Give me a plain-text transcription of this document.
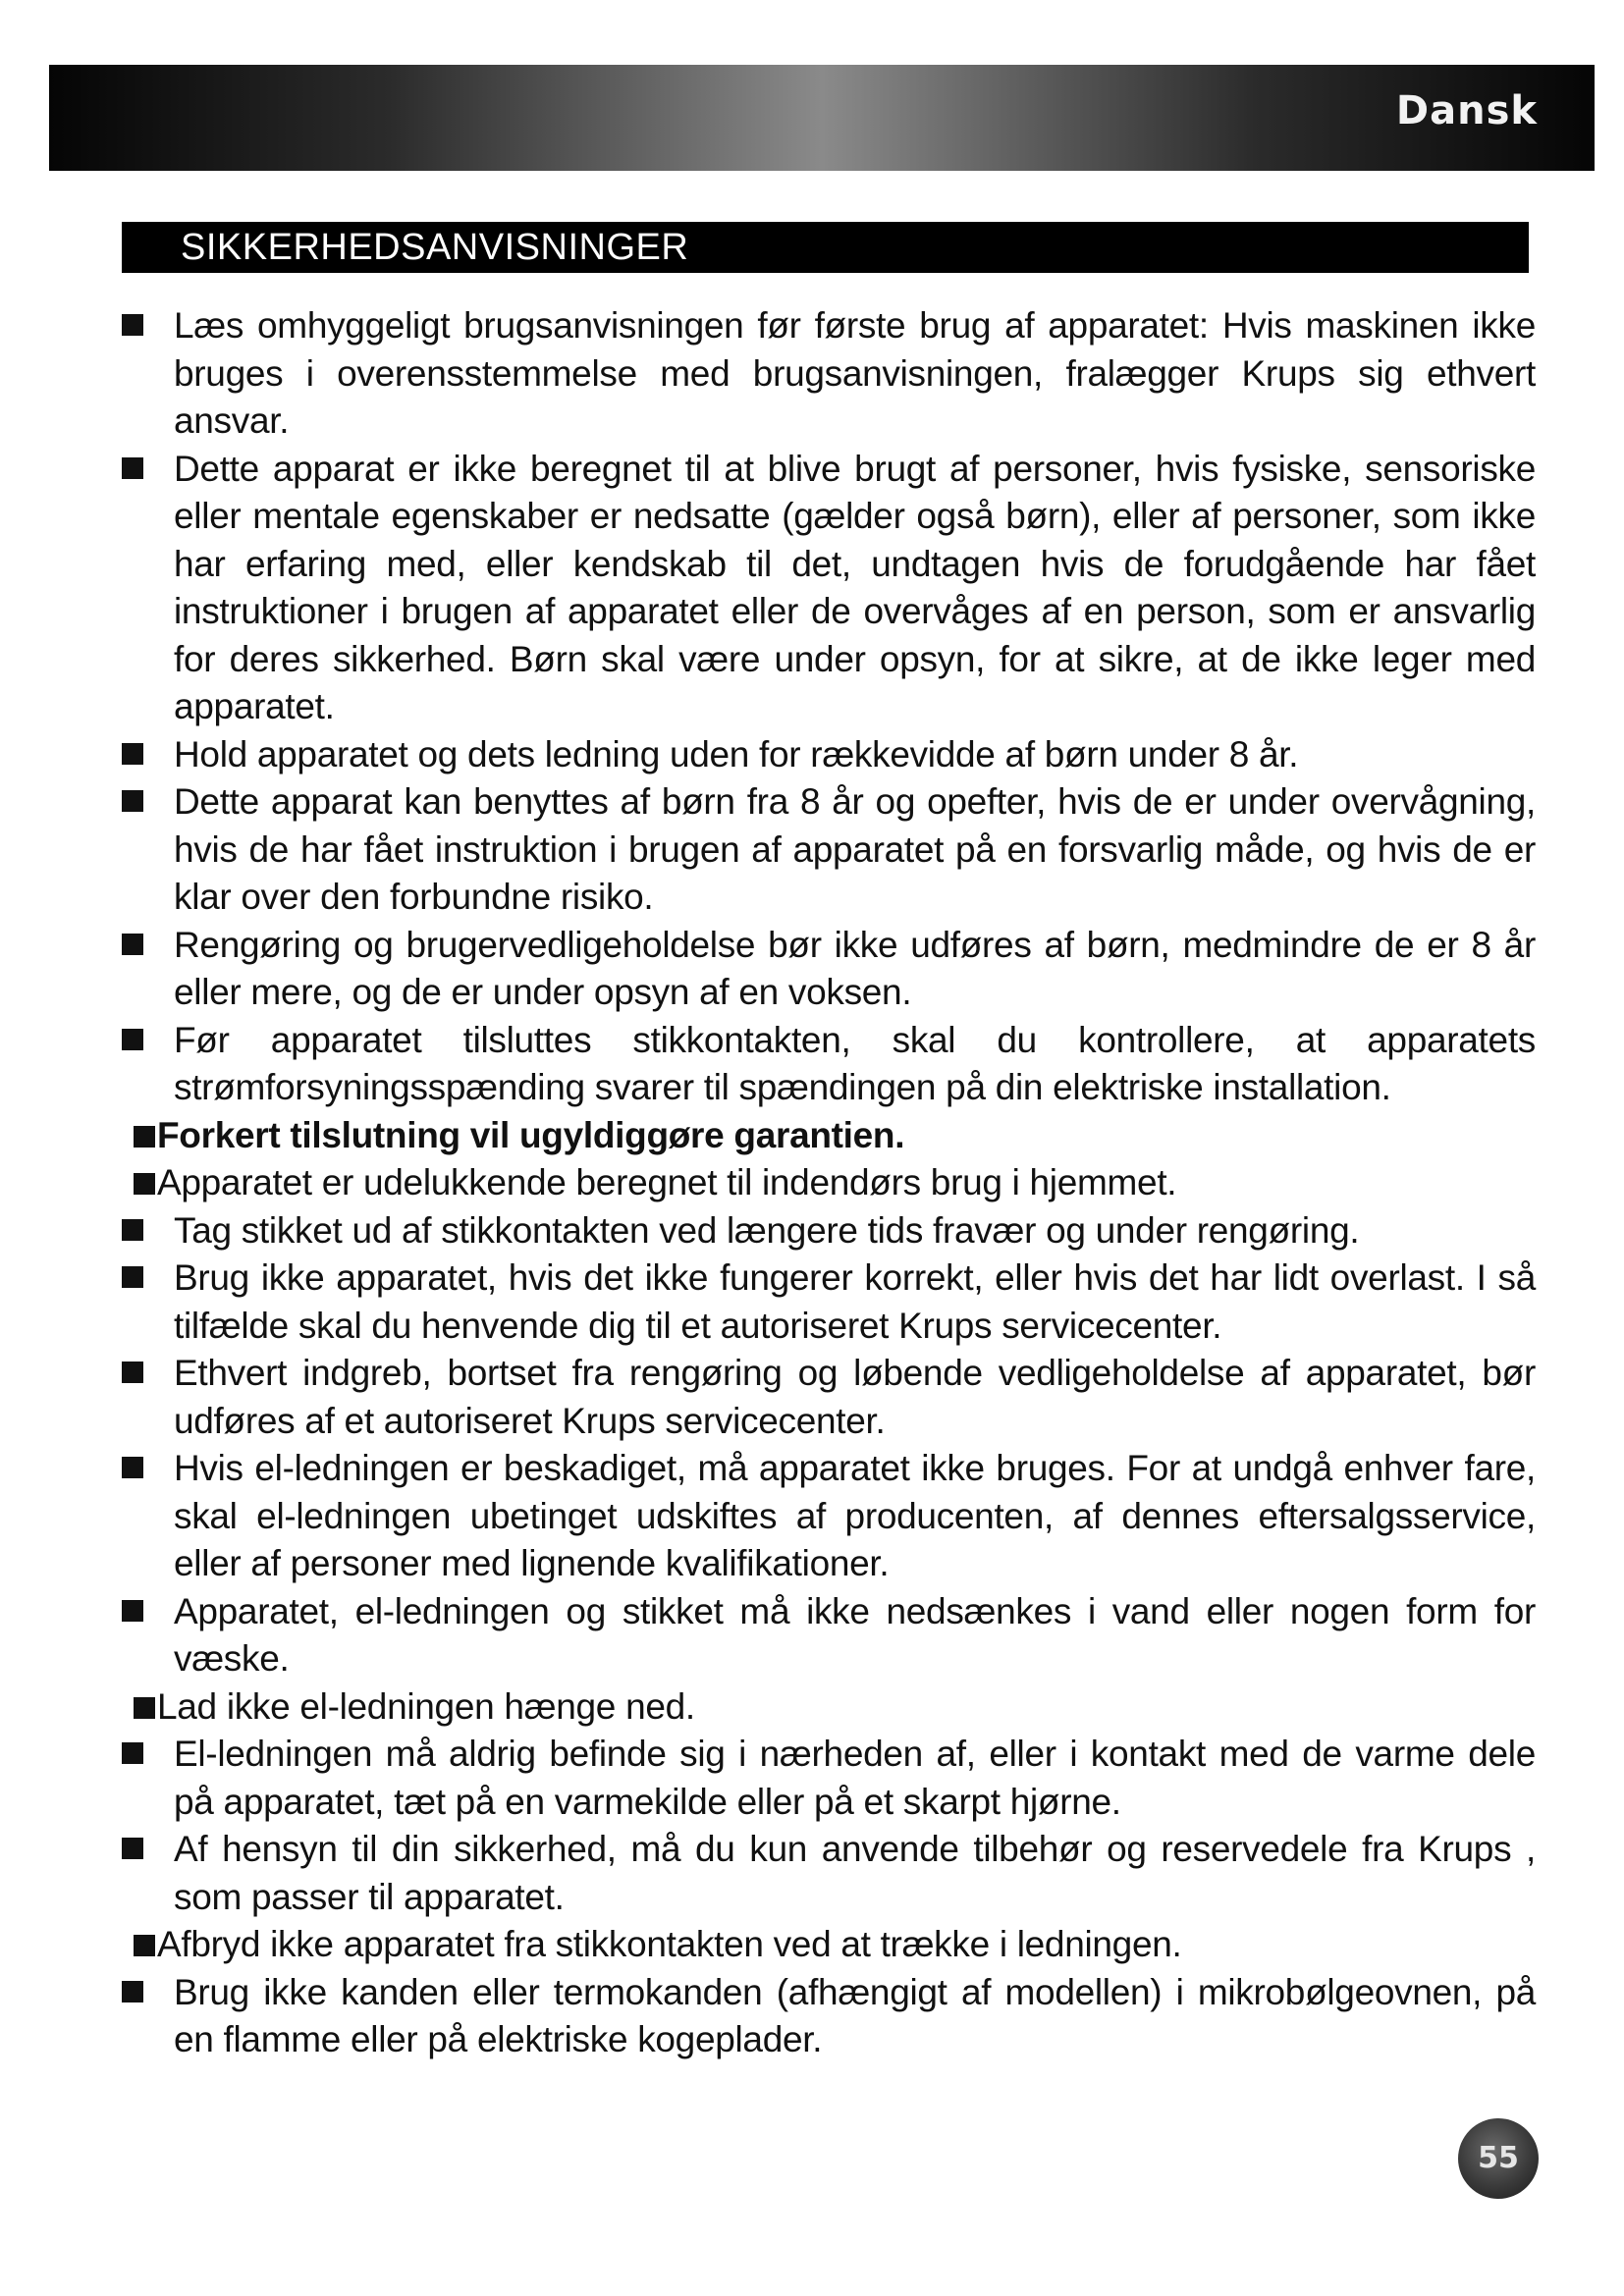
Dansk
SIKKERHEDSANVISNINGER
Læs omhyggeligt brugsanvisningen før første brug af apparatet: Hvis maskinen ikke bruges i overensstemmelse med brugsanvisningen, fralægger Krups sig ethvert ansvar.
Dette apparat er ikke beregnet til at blive brugt af personer, hvis fysiske, sensoriske eller mentale egenskaber er nedsatte (gælder også børn), eller af personer, som ikke har erfaring med, eller kendskab til det, undtagen hvis de forudgående har fået instruktioner i brugen af apparatet eller de overvåges af en person, som er ansvarlig for deres sikkerhed. Børn skal være under opsyn, for at sikre, at de ikke leger med apparatet.
Hold apparatet og dets ledning uden for rækkevidde af børn under 8 år.
Dette apparat kan benyttes af børn fra 8 år og opefter, hvis de er under overvågning, hvis de har fået instruktion i brugen af apparatet på en forsvarlig måde, og hvis de er klar over den forbundne risiko.
Rengøring og brugervedligeholdelse bør ikke udføres af børn, medmindre de er 8 år eller mere, og de er under opsyn af en voksen.
Før apparatet tilsluttes stikkontakten, skal du kontrollere, at apparatets strømforsyningsspænding svarer til spændingen på din elektriske installation.
Forkert tilslutning vil ugyldiggøre garantien.
Apparatet er udelukkende beregnet til indendørs brug i hjemmet.
Tag stikket ud af stikkontakten ved længere tids fravær og under rengøring.
Brug ikke apparatet, hvis det ikke fungerer korrekt, eller hvis det har lidt overlast. I så tilfælde skal du henvende dig til et autoriseret Krups servicecenter.
Ethvert indgreb, bortset fra rengøring og løbende vedligeholdelse af apparatet, bør udføres af et autoriseret Krups servicecenter.
Hvis el-ledningen er beskadiget, må apparatet ikke bruges. For at undgå enhver fare, skal el-ledningen ubetinget udskiftes af producenten, af dennes eftersalgsservice, eller af personer med lignende kvalifikationer.
Apparatet, el-ledningen og stikket må ikke nedsænkes i vand eller nogen form for væske.
Lad ikke el-ledningen hænge ned.
El-ledningen må aldrig befinde sig i nærheden af, eller i kontakt med de varme dele på apparatet, tæt på en varmekilde eller på et skarpt hjørne.
Af hensyn til din sikkerhed, må du kun anvende tilbehør og reservedele fra Krups , som passer til apparatet.
Afbryd ikke apparatet fra stikkontakten ved at trække i ledningen.
Brug ikke kanden eller termokanden (afhængigt af modellen) i mikrobølgeovnen, på en flamme eller på elektriske kogeplader.
55
